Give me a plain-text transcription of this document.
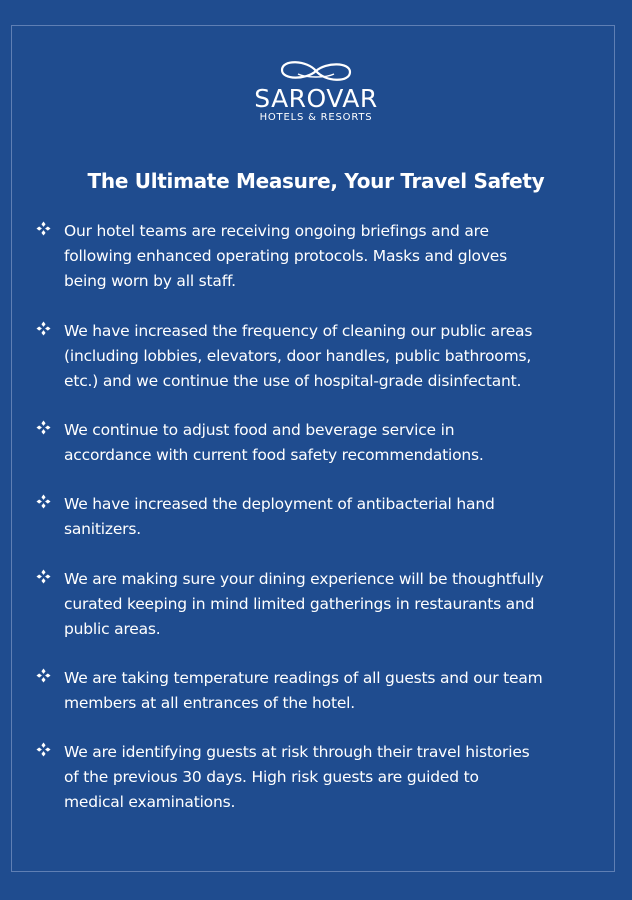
SAROVAR
HOTELS & RESORTS
The Ultimate Measure, Your Travel Safety
Our hotel teams are receiving ongoing briefings and are
following enhanced operating protocols. Masks and gloves
being worn by all staff.
We have increased the frequency of cleaning our public areas
(including lobbies, elevators, door handles, public bathrooms,
etc.) and we continue the use of hospital-grade disinfectant.
We continue to adjust food and beverage service in
accordance with current food safety recommendations.
We have increased the deployment of antibacterial hand
sanitizers.
We are making sure your dining experience will be thoughtfully
curated keeping in mind limited gatherings in restaurants and
public areas.
We are taking temperature readings of all guests and our team
members at all entrances of the hotel.
We are identifying guests at risk through their travel histories
of the previous 30 days. High risk guests are guided to
medical examinations.
